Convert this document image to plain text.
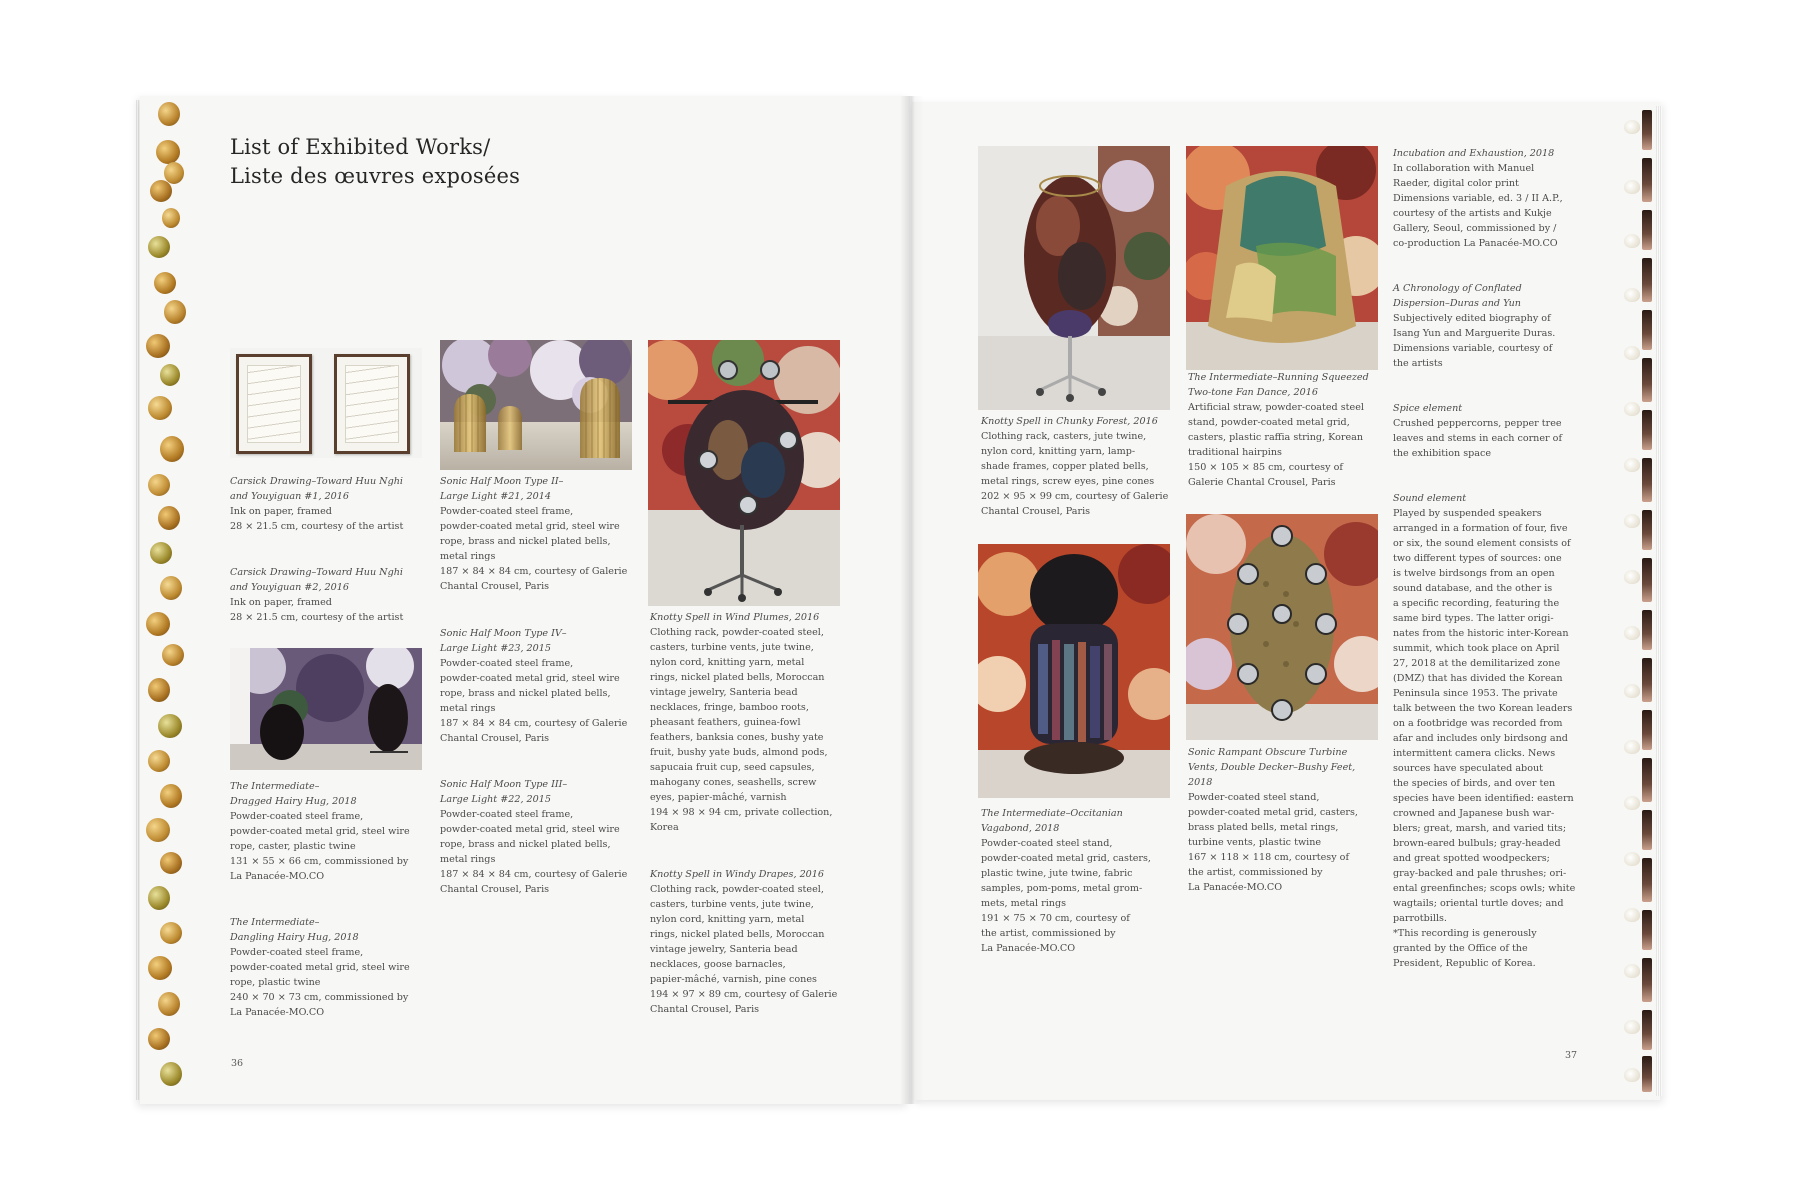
List of Exhibited Works/
Liste des œuvres exposées
Carsick Drawing–Toward Huu Nghi
and Youyiguan #1, 2016
Ink on paper, framed
28 × 21.5 cm, courtesy of the artist
Carsick Drawing–Toward Huu Nghi
and Youyiguan #2, 2016
Ink on paper, framed
28 × 21.5 cm, courtesy of the artist
The Intermediate–
Dragged Hairy Hug, 2018
Powder-coated steel frame,
powder-coated metal grid, steel wire
rope, caster, plastic twine
131 × 55 × 66 cm, commissioned by
La Panacée-MO.CO
The Intermediate–
Dangling Hairy Hug, 2018
Powder-coated steel frame,
powder-coated metal grid, steel wire
rope, plastic twine
240 × 70 × 73 cm, commissioned by
La Panacée-MO.CO
Sonic Half Moon Type II–
Large Light #21, 2014
Powder-coated steel frame,
powder-coated metal grid, steel wire
rope, brass and nickel plated bells,
metal rings
187 × 84 × 84 cm, courtesy of Galerie
Chantal Crousel, Paris
Sonic Half Moon Type IV–
Large Light #23, 2015
Powder-coated steel frame,
powder-coated metal grid, steel wire
rope, brass and nickel plated bells,
metal rings
187 × 84 × 84 cm, courtesy of Galerie
Chantal Crousel, Paris
Sonic Half Moon Type III–
Large Light #22, 2015
Powder-coated steel frame,
powder-coated metal grid, steel wire
rope, brass and nickel plated bells,
metal rings
187 × 84 × 84 cm, courtesy of Galerie
Chantal Crousel, Paris
Knotty Spell in Wind Plumes, 2016
Clothing rack, powder-coated steel,
casters, turbine vents, jute twine,
nylon cord, knitting yarn, metal
rings, nickel plated bells, Moroccan
vintage jewelry, Santeria bead
necklaces, fringe, bamboo roots,
pheasant feathers, guinea-fowl
feathers, banksia cones, bushy yate
fruit, bushy yate buds, almond pods,
sapucaia fruit cup, seed capsules,
mahogany cones, seashells, screw
eyes, papier-mâché, varnish
194 × 98 × 94 cm, private collection,
Korea
Knotty Spell in Windy Drapes, 2016
Clothing rack, powder-coated steel,
casters, turbine vents, jute twine,
nylon cord, knitting yarn, metal
rings, nickel plated bells, Moroccan
vintage jewelry, Santeria bead
necklaces, goose barnacles,
papier-mâché, varnish, pine cones
194 × 97 × 89 cm, courtesy of Galerie
Chantal Crousel, Paris
36
Knotty Spell in Chunky Forest, 2016
Clothing rack, casters, jute twine,
nylon cord, knitting yarn, lamp-
shade frames, copper plated bells,
metal rings, screw eyes, pine cones
202 × 95 × 99 cm, courtesy of Galerie
Chantal Crousel, Paris
The Intermediate–Occitanian
Vagabond, 2018
Powder-coated steel stand,
powder-coated metal grid, casters,
plastic twine, jute twine, fabric
samples, pom-poms, metal grom-
mets, metal rings
191 × 75 × 70 cm, courtesy of
the artist, commissioned by
La Panacée-MO.CO
The Intermediate–Running Squeezed
Two-tone Fan Dance, 2016
Artificial straw, powder-coated steel
stand, powder-coated metal grid,
casters, plastic raffia string, Korean
traditional hairpins
150 × 105 × 85 cm, courtesy of
Galerie Chantal Crousel, Paris
Sonic Rampant Obscure Turbine
Vents, Double Decker–Bushy Feet,
2018
Powder-coated steel stand,
powder-coated metal grid, casters,
brass plated bells, metal rings,
turbine vents, plastic twine
167 × 118 × 118 cm, courtesy of
the artist, commissioned by
La Panacée-MO.CO
Incubation and Exhaustion, 2018
In collaboration with Manuel
Raeder, digital color print
Dimensions variable, ed. 3 / II A.P.,
courtesy of the artists and Kukje
Gallery, Seoul, commissioned by /
co-production La Panacée-MO.CO
A Chronology of Conflated
Dispersion–Duras and Yun
Subjectively edited biography of
Isang Yun and Marguerite Duras.
Dimensions variable, courtesy of
the artists
Spice element
Crushed peppercorns, pepper tree
leaves and stems in each corner of
the exhibition space
Sound element
Played by suspended speakers
arranged in a formation of four, five
or six, the sound element consists of
two different types of sources: one
is twelve birdsongs from an open
sound database, and the other is
a specific recording, featuring the
same bird types. The latter origi-
nates from the historic inter-Korean
summit, which took place on April
27, 2018 at the demilitarized zone
(DMZ) that has divided the Korean
Peninsula since 1953. The private
talk between the two Korean leaders
on a footbridge was recorded from
afar and includes only birdsong and
intermittent camera clicks. News
sources have speculated about
the species of birds, and over ten
species have been identified: eastern
crowned and Japanese bush war-
blers; great, marsh, and varied tits;
brown-eared bulbuls; gray-headed
and great spotted woodpeckers;
gray-backed and pale thrushes; ori-
ental greenfinches; scops owls; white
wagtails; oriental turtle doves; and
parrotbills.
*This recording is generously
granted by the Office of the
President, Republic of Korea.
37
